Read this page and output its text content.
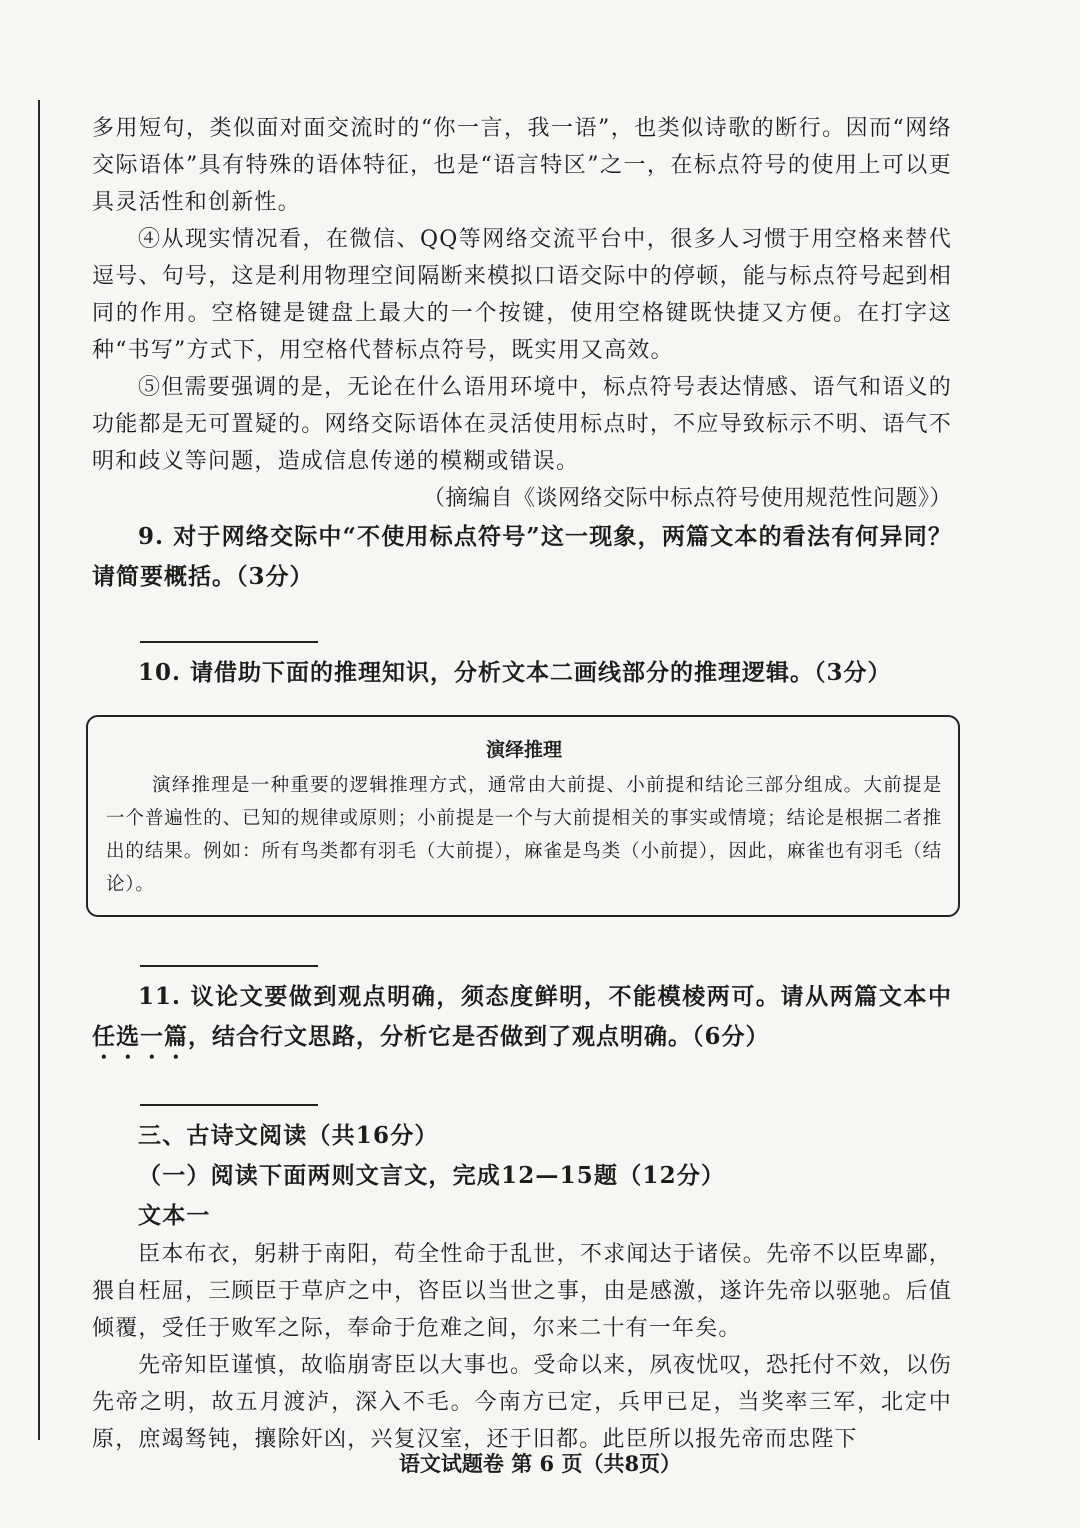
多用短句，类似面对面交流时的“你一言，我一语”，也类似诗歌的断行。因而“网络交际语体”具有特殊的语体特征，也是“语言特区”之一，在标点符号的使用上可以更具灵活性和创新性。

④从现实情况看，在微信、QQ等网络交流平台中，很多人习惯于用空格来替代逗号、句号，这是利用物理空间隔断来模拟口语交际中的停顿，能与标点符号起到相同的作用。空格键是键盘上最大的一个按键，使用空格键既快捷又方便。在打字这种“书写”方式下，用空格代替标点符号，既实用又高效。

⑤但需要强调的是，无论在什么语用环境中，标点符号表达情感、语气和语义的功能都是无可置疑的。网络交际语体在灵活使用标点时，不应导致标示不明、语气不明和歧义等问题，造成信息传递的模糊或错误。

（摘编自《谈网络交际中标点符号使用规范性问题》）

9. 对于网络交际中“不使用标点符号”这一现象，两篇文本的看法有何异同？请简要概括。（3分）

10. 请借助下面的推理知识，分析文本二画线部分的推理逻辑。（3分）

演绎推理

演绎推理是一种重要的逻辑推理方式，通常由大前提、小前提和结论三部分组成。大前提是一个普遍性的、已知的规律或原则；小前提是一个与大前提相关的事实或情境；结论是根据二者推出的结果。例如：所有鸟类都有羽毛（大前提），麻雀是鸟类（小前提），因此，麻雀也有羽毛（结论）。

11. 议论文要做到观点明确，须态度鲜明，不能模棱两可。请从两篇文本中任选一篇，结合行文思路，分析它是否做到了观点明确。（6分）

三、古诗文阅读（共16分）

（一）阅读下面两则文言文，完成12—15题（12分）

文本一

臣本布衣，躬耕于南阳，苟全性命于乱世，不求闻达于诸侯。先帝不以臣卑鄙，猥自枉屈，三顾臣于草庐之中，咨臣以当世之事，由是感激，遂许先帝以驱驰。后值倾覆，受任于败军之际，奉命于危难之间，尔来二十有一年矣。

先帝知臣谨慎，故临崩寄臣以大事也。受命以来，夙夜忧叹，恐托付不效，以伤先帝之明，故五月渡泸，深入不毛。今南方已定，兵甲已足，当奖率三军，北定中原，庶竭驽钝，攘除奸凶，兴复汉室，还于旧都。此臣所以报先帝而忠陛下

语文试题卷 第 6 页（共8页）
